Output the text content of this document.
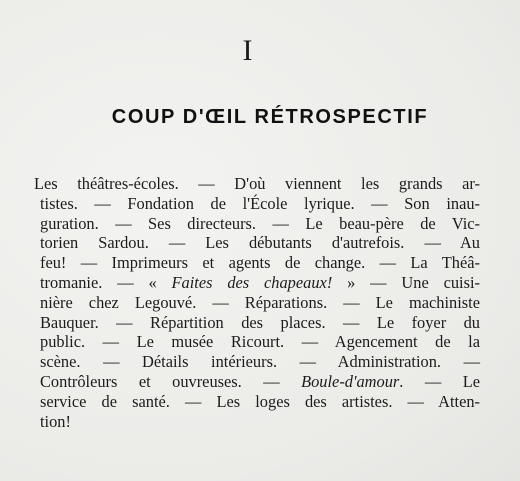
I
COUP D'ŒIL RÉTROSPECTIF
Les théâtres-écoles. — D'où viennent les grands ar-
tistes. — Fondation de l'École lyrique. — Son inau-
guration. — Ses directeurs. — Le beau-père de Vic-
torien Sardou. — Les débutants d'autrefois. — Au
feu! — Imprimeurs et agents de change. — La Théâ-
tromanie. — « Faites des chapeaux! » — Une cuisi-
nière chez Legouvé. — Réparations. — Le machiniste
Bauquer. — Répartition des places. — Le foyer du
public. — Le musée Ricourt. — Agencement de la
scène. — Détails intérieurs. — Administration. —
Contrôleurs et ouvreuses. — Boule-d'amour. — Le
service de santé. — Les loges des artistes. — Atten-
tion!
